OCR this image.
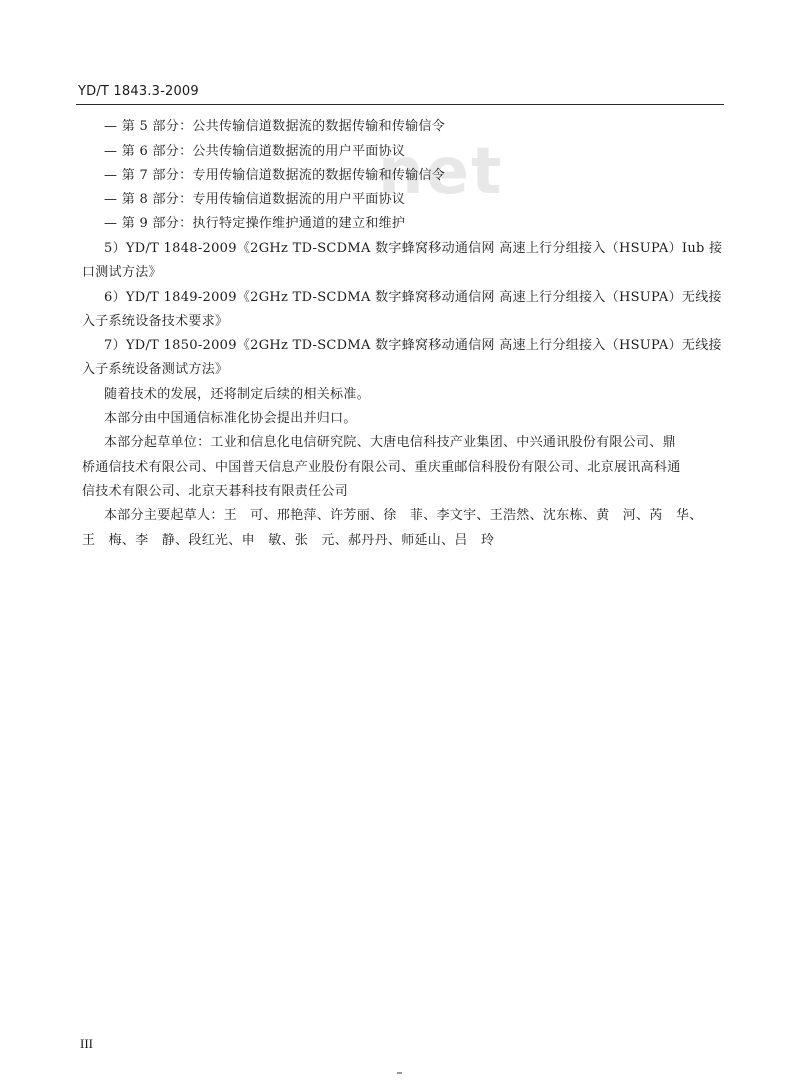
YD/T 1843.3-2009
net
— 第 5 部分：公共传输信道数据流的数据传输和传输信令
— 第 6 部分：公共传输信道数据流的用户平面协议
— 第 7 部分：专用传输信道数据流的数据传输和传输信令
— 第 8 部分：专用传输信道数据流的用户平面协议
— 第 9 部分：执行特定操作维护通道的建立和维护
5）YD/T 1848-2009《2GHz TD-SCDMA 数字蜂窝移动通信网 高速上行分组接入（HSUPA）Iub 接
口测试方法》
6）YD/T 1849-2009《2GHz TD-SCDMA 数字蜂窝移动通信网 高速上行分组接入（HSUPA）无线接
入子系统设备技术要求》
7）YD/T 1850-2009《2GHz TD-SCDMA 数字蜂窝移动通信网 高速上行分组接入（HSUPA）无线接
入子系统设备测试方法》
随着技术的发展，还将制定后续的相关标准。
本部分由中国通信标准化协会提出并归口。
本部分起草单位：工业和信息化电信研究院、大唐电信科技产业集团、中兴通讯股份有限公司、鼎
桥通信技术有限公司、中国普天信息产业股份有限公司、重庆重邮信科股份有限公司、北京展讯高科通
信技术有限公司、北京天碁科技有限责任公司
本部分主要起草人：王　可、邢艳萍、许芳丽、徐　菲、李文宇、王浩然、沈东栋、黄　河、芮　华、
王　梅、李　静、段红光、申　敏、张　元、郝丹丹、师延山、吕　玲
III
